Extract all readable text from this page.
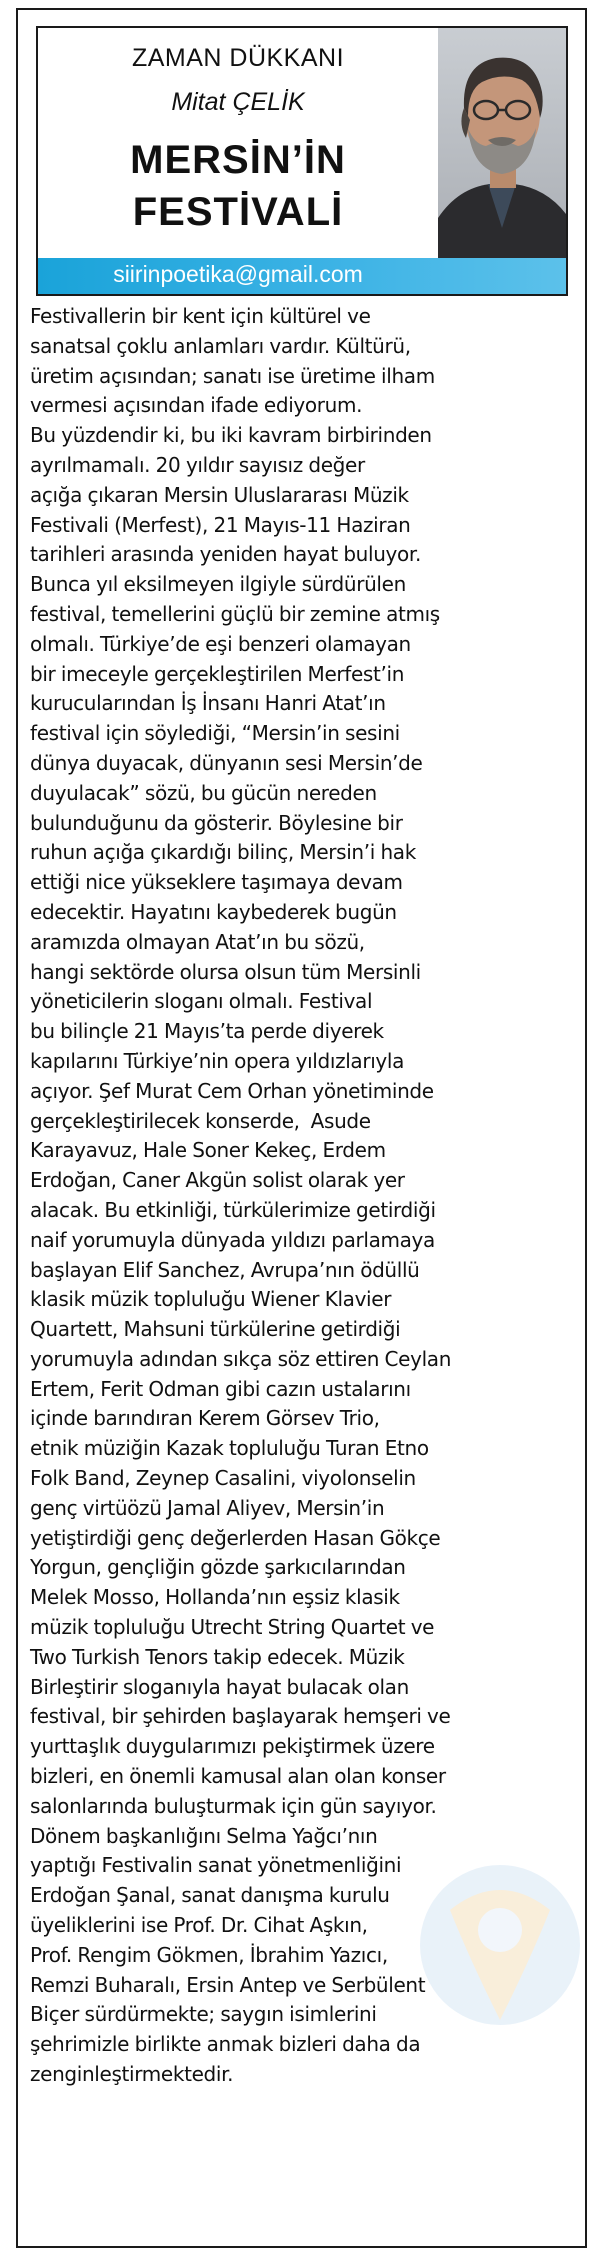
ZAMAN DÜKKANI
Mitat ÇELİK
MERSİN’İN
FESTİVALİ
siirinpoetika@gmail.com
Festivallerin bir kent için kültürel ve
sanatsal çoklu anlamları vardır. Kültürü,
üretim açısından; sanatı ise üretime ilham
vermesi açısından ifade ediyorum.
Bu yüzdendir ki, bu iki kavram birbirinden
ayrılmamalı. 20 yıldır sayısız değer
açığa çıkaran Mersin Uluslararası Müzik
Festivali (Merfest), 21 Mayıs-11 Haziran
tarihleri arasında yeniden hayat buluyor.
Bunca yıl eksilmeyen ilgiyle sürdürülen
festival, temellerini güçlü bir zemine atmış
olmalı. Türkiye’de eşi benzeri olamayan
bir imeceyle gerçekleştirilen Merfest’in
kurucularından İş İnsanı Hanri Atat’ın
festival için söylediği, “Mersin’in sesini
dünya duyacak, dünyanın sesi Mersin’de
duyulacak” sözü, bu gücün nereden
bulunduğunu da gösterir. Böylesine bir
ruhun açığa çıkardığı bilinç, Mersin’i hak
ettiği nice yükseklere taşımaya devam
edecektir. Hayatını kaybederek bugün
aramızda olmayan Atat’ın bu sözü,
hangi sektörde olursa olsun tüm Mersinli
yöneticilerin sloganı olmalı. Festival
bu bilinçle 21 Mayıs’ta perde diyerek
kapılarını Türkiye’nin opera yıldızlarıyla
açıyor. Şef Murat Cem Orhan yönetiminde
gerçekleştirilecek konserde,  Asude
Karayavuz, Hale Soner Kekeç, Erdem
Erdoğan, Caner Akgün solist olarak yer
alacak. Bu etkinliği, türkülerimize getirdiği
naif yorumuyla dünyada yıldızı parlamaya
başlayan Elif Sanchez, Avrupa’nın ödüllü
klasik müzik topluluğu Wiener Klavier
Quartett, Mahsuni türkülerine getirdiği
yorumuyla adından sıkça söz ettiren Ceylan
Ertem, Ferit Odman gibi cazın ustalarını
içinde barındıran Kerem Görsev Trio,
etnik müziğin Kazak topluluğu Turan Etno
Folk Band, Zeynep Casalini, viyolonselin
genç virtüözü Jamal Aliyev, Mersin’in
yetiştirdiği genç değerlerden Hasan Gökçe
Yorgun, gençliğin gözde şarkıcılarından
Melek Mosso, Hollanda’nın eşsiz klasik
müzik topluluğu Utrecht String Quartet ve
Two Turkish Tenors takip edecek. Müzik
Birleştirir sloganıyla hayat bulacak olan
festival, bir şehirden başlayarak hemşeri ve
yurttaşlık duygularımızı pekiştirmek üzere
bizleri, en önemli kamusal alan olan konser
salonlarında buluşturmak için gün sayıyor.
Dönem başkanlığını Selma Yağcı’nın
yaptığı Festivalin sanat yönetmenliğini
Erdoğan Şanal, sanat danışma kurulu
üyeliklerini ise Prof. Dr. Cihat Aşkın,
Prof. Rengim Gökmen, İbrahim Yazıcı,
Remzi Buharalı, Ersin Antep ve Serbülent
Biçer sürdürmekte; saygın isimlerini
şehrimizle birlikte anmak bizleri daha da
zenginleştirmektedir.
